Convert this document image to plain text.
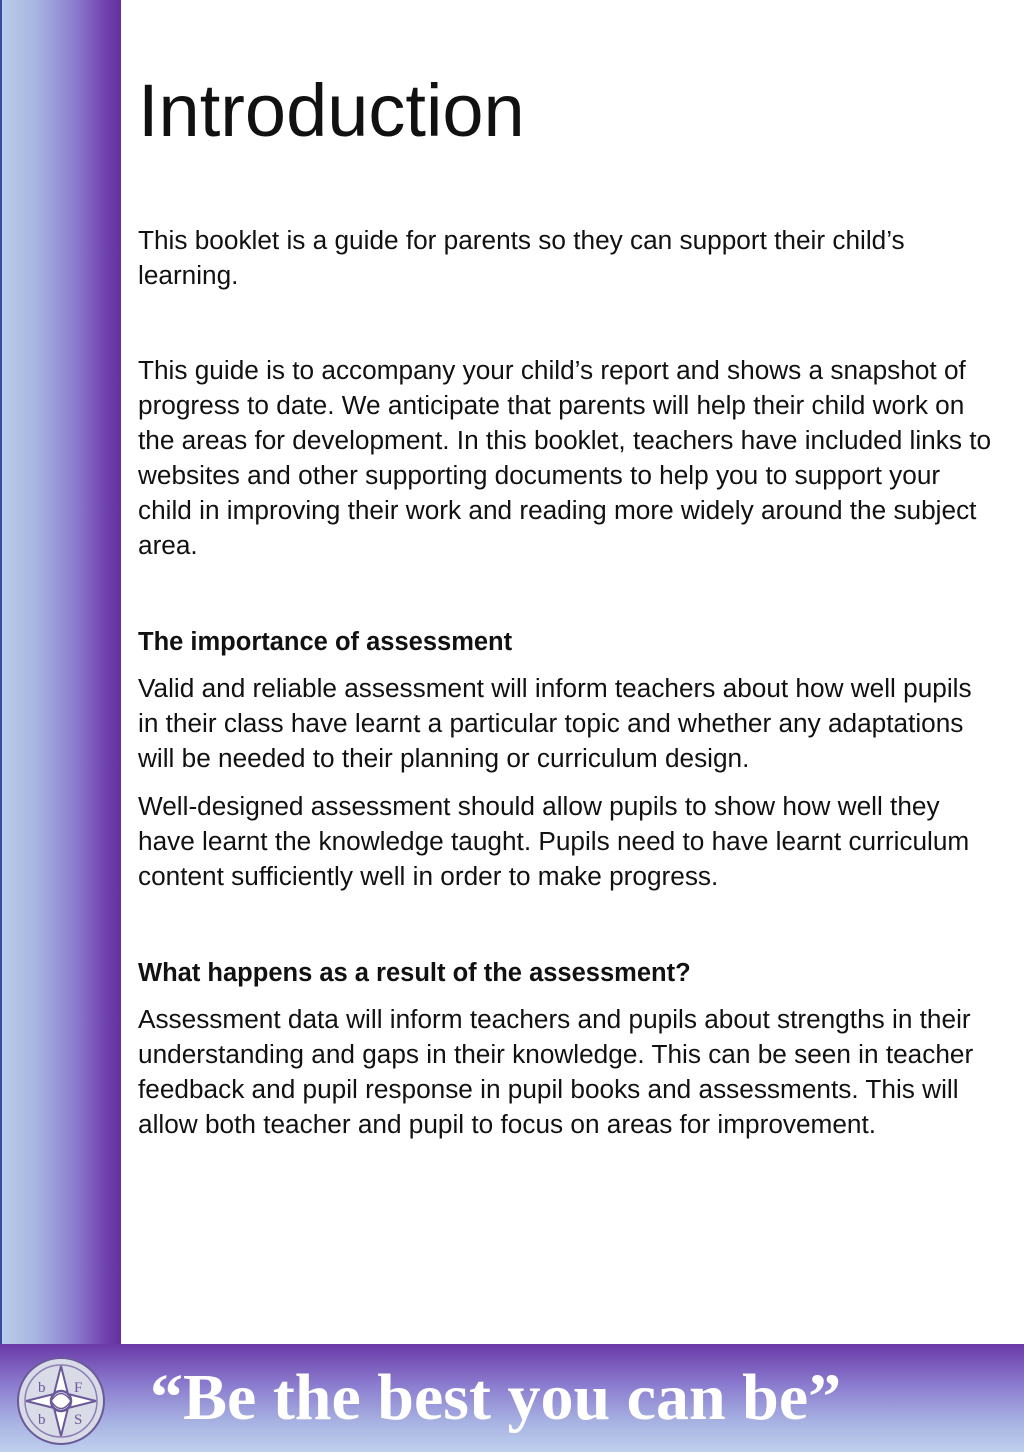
Introduction

This booklet is a guide for parents so they can support their child’s learning.

This guide is to accompany your child’s report and shows a snapshot of progress to date. We anticipate that parents will help their child work on the areas for development. In this booklet, teachers have included links to websites and other supporting documents to help you to support your child in improving their work and reading more widely around the subject area.

The importance of assessment

Valid and reliable assessment will inform teachers about how well pupils in their class have learnt a particular topic and whether any adaptations will be needed to their planning or curriculum design.

Well-designed assessment should allow pupils to show how well they have learnt the knowledge taught. Pupils need to have learnt curriculum content sufficiently well in order to make progress.

What happens as a result of the assessment?

Assessment data will inform teachers and pupils about strengths in their understanding and gaps in their knowledge. This can be seen in teacher feedback and pupil response in pupil books and assessments. This will allow both teacher and pupil to focus on areas for improvement.

b F
b S “Be the best you can be”
